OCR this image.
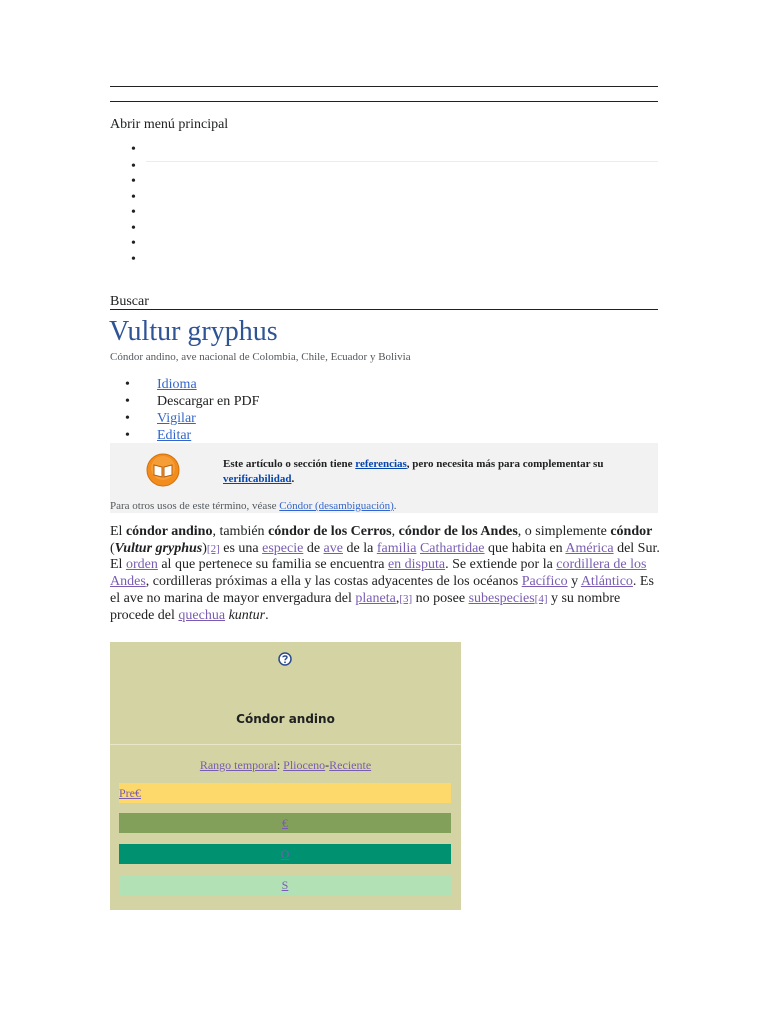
Abrir menú principal
•
•
•
•
•
•
•
•
Buscar
Vultur gryphus
Cóndor andino, ave nacional de Colombia, Chile, Ecuador y Bolivia
• Idioma
• Descargar en PDF
• Vigilar
• Editar
Este artículo o sección tiene referencias, pero necesita más para complementar su verificabilidad.
Para otros usos de este término, véase Cóndor (desambiguación).
El cóndor andino, también cóndor de los Cerros, cóndor de los Andes, o simplemente cóndor (Vultur gryphus)[2] es una especie de ave de la familia Cathartidae que habita en América del Sur. El orden al que pertenece su familia se encuentra en disputa. Se extiende por la cordillera de los Andes, cordilleras próximas a ella y las costas adyacentes de los océanos Pacífico y Atlántico. Es el ave no marina de mayor envergadura del planeta,[3] no posee subespecies[4] y su nombre procede del quechua kuntur.
Cóndor andino
Rango temporal: Plioceno-Reciente
Pre€
€
O
S
